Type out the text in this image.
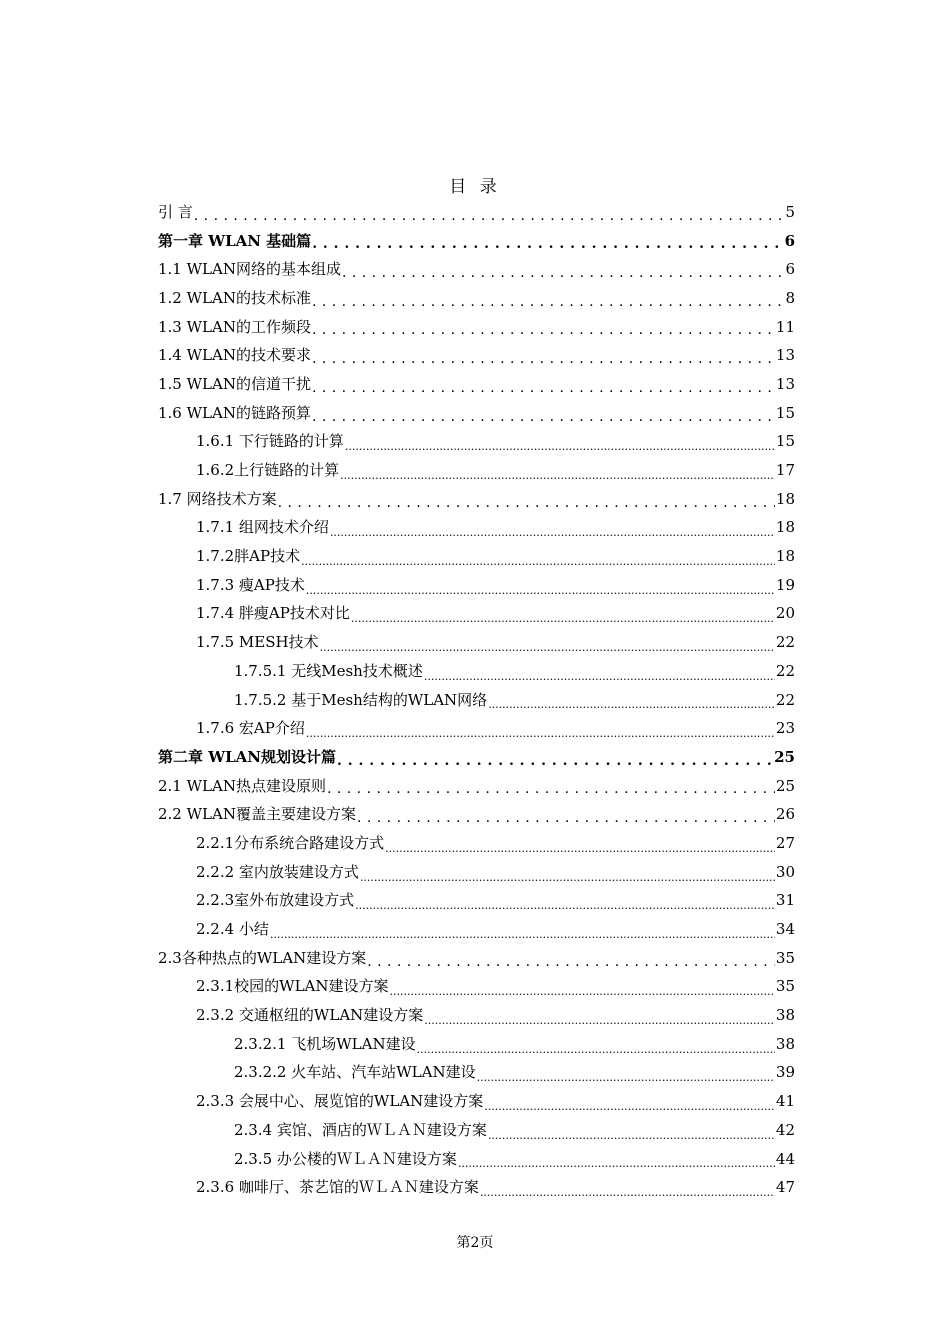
目 录
引 言 . . .	5
第一章 WLAN 基础篇 . . .	6
1.1 WLAN网络的基本组成 . . .	6
1.2 WLAN的技术标准 . . .	8
1.3 WLAN的工作频段 . . .	11
1.4 WLAN的技术要求 . . .	13
1.5 WLAN的信道干扰 . . .	13
1.6 WLAN的链路预算 . . .	15
1.6.1 下行链路的计算 .....	15
1.6.2上行链路的计算 .....	17
1.7 网络技术方案 . . .	18
1.7.1 组网技术介绍 .....	18
1.7.2胖AP技术 .....	18
1.7.3 瘦AP技术 .....	19
1.7.4 胖瘦AP技术对比 .....	20
1.7.5 MESH技术 .....	22
1.7.5.1 无线Mesh技术概述 .....	22
1.7.5.2 基于Mesh结构的WLAN网络 .....	22
1.7.6 宏AP介绍 .....	23
第二章 WLAN规划设计篇 . . .	25
2.1 WLAN热点建设原则 . . .	25
2.2 WLAN覆盖主要建设方案 . . .	26
2.2.1分布系统合路建设方式 .....	27
2.2.2 室内放装建设方式 .....	30
2.2.3室外布放建设方式 .....	31
2.2.4 小结 .....	34
2.3各种热点的WLAN建设方案 . . .	35
2.3.1校园的WLAN建设方案 .....	35
2.3.2 交通枢纽的WLAN建设方案 .....	38
2.3.2.1 飞机场WLAN建设 .....	38
2.3.2.2 火车站、汽车站WLAN建设 .....	39
2.3.3 会展中心、展览馆的WLAN建设方案 .....	41
2.3.4 宾馆、酒店的ＷＬＡＮ建设方案 .....	42
2.3.5 办公楼的ＷＬＡＮ建设方案 .....	44
2.3.6 咖啡厅、茶艺馆的ＷＬＡＮ建设方案 .....	47
第2页
